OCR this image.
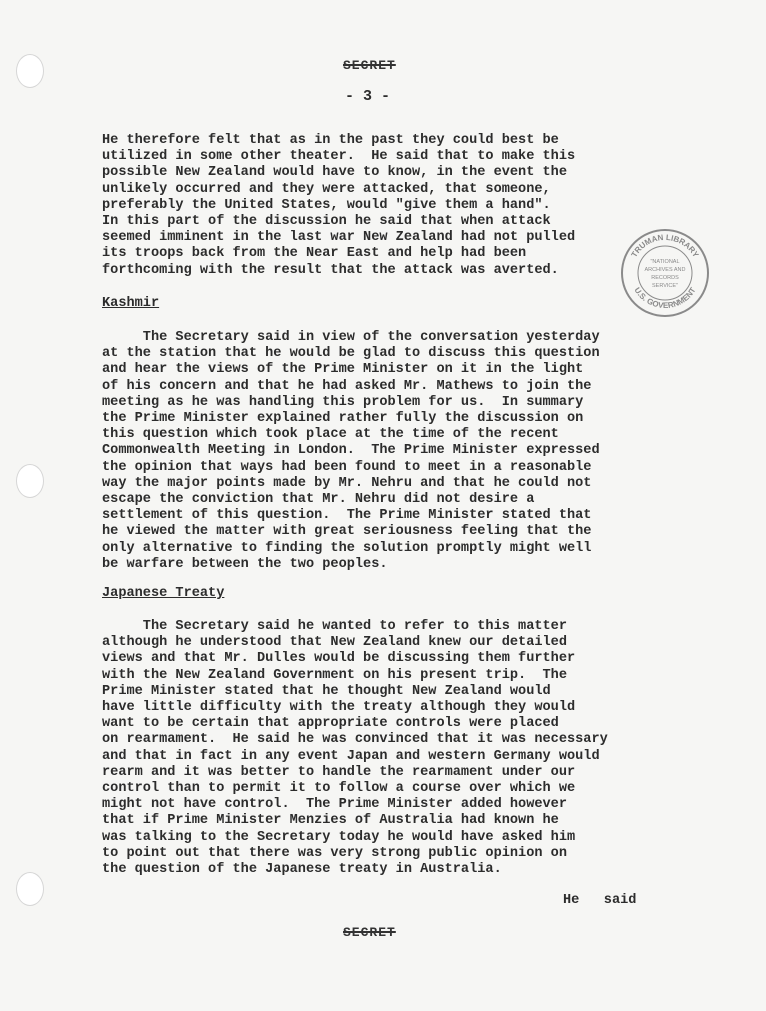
SECRET
- 3 -
He therefore felt that as in the past they could best be
utilized in some other theater.  He said that to make this
possible New Zealand would have to know, in the event the
unlikely occurred and they were attacked, that someone,
preferably the United States, would "give them a hand".
In this part of the discussion he said that when attack
seemed imminent in the last war New Zealand had not pulled
its troops back from the Near East and help had been
forthcoming with the result that the attack was averted.
TRUMAN LIBRARY
U.S. GOVERNMENT
"NATIONAL
ARCHIVES AND
RECORDS
SERVICE"
Kashmir
The Secretary said in view of the conversation yesterday
at the station that he would be glad to discuss this question
and hear the views of the Prime Minister on it in the light
of his concern and that he had asked Mr. Mathews to join the
meeting as he was handling this problem for us.  In summary
the Prime Minister explained rather fully the discussion on
this question which took place at the time of the recent
Commonwealth Meeting in London.  The Prime Minister expressed
the opinion that ways had been found to meet in a reasonable
way the major points made by Mr. Nehru and that he could not
escape the conviction that Mr. Nehru did not desire a
settlement of this question.  The Prime Minister stated that
he viewed the matter with great seriousness feeling that the
only alternative to finding the solution promptly might well
be warfare between the two peoples.
Japanese Treaty
The Secretary said he wanted to refer to this matter
although he understood that New Zealand knew our detailed
views and that Mr. Dulles would be discussing them further
with the New Zealand Government on his present trip.  The
Prime Minister stated that he thought New Zealand would
have little difficulty with the treaty although they would
want to be certain that appropriate controls were placed
on rearmament.  He said he was convinced that it was necessary
and that in fact in any event Japan and western Germany would
rearm and it was better to handle the rearmament under our
control than to permit it to follow a course over which we
might not have control.  The Prime Minister added however
that if Prime Minister Menzies of Australia had known he
was talking to the Secretary today he would have asked him
to point out that there was very strong public opinion on
the question of the Japanese treaty in Australia.
He   said
SECRET
